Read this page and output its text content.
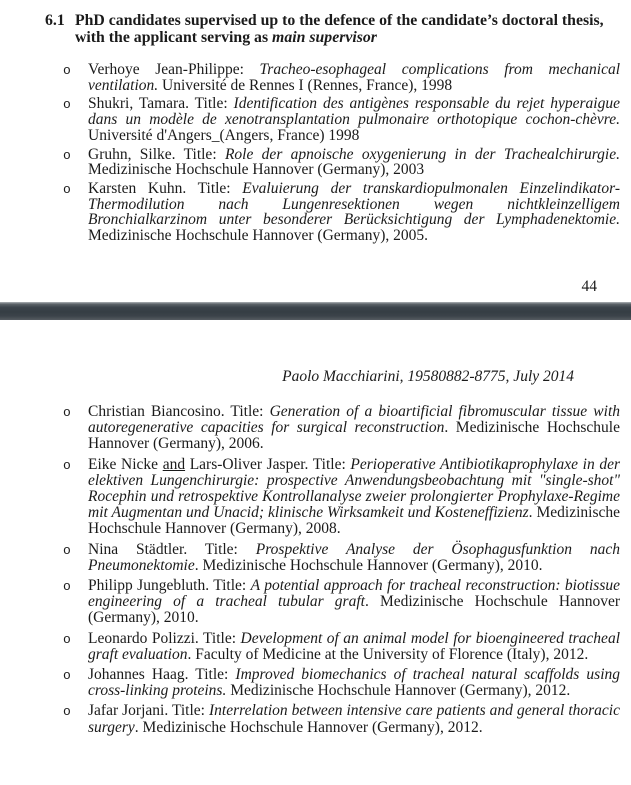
6.1 PhD candidates supervised up to the defence of the candidate’s doctoral thesis,
with the applicant serving as main supervisor
o Verhoye Jean-Philippe: Tracheo-esophageal complications from mechanical ventilation. Université de Rennes I (Rennes, France), 1998
o Shukri, Tamara. Title: Identification des antigènes responsable du rejet hyperaigue dans un modèle de xenotransplantation pulmonaire orthotopique cochon-chèvre. Université d'Angers_(Angers, France) 1998
o Gruhn, Silke. Title: Role der apnoische oxygenierung in der Trachealchirurgie. Medizinische Hochschule Hannover (Germany), 2003
o Karsten Kuhn. Title: Evaluierung der transkardiopulmonalen Einzelindikator-Thermodilution nach Lungenresektionen wegen nichtkleinzelligem Bronchialkarzinom unter besonderer Berücksichtigung der Lymphadenektomie. Medizinische Hochschule Hannover (Germany), 2005.
44
Paolo Macchiarini, 19580882-8775, July 2014
o Christian Biancosino. Title: Generation of a bioartificial fibromuscular tissue with autoregenerative capacities for surgical reconstruction. Medizinische Hochschule Hannover (Germany), 2006.
o Eike Nicke and Lars-Oliver Jasper. Title: Perioperative Antibiotikaprophylaxe in der elektiven Lungenchirurgie: prospective Anwendungsbeobachtung mit "single-shot" Rocephin und retrospektive Kontrollanalyse zweier prolongierter Prophylaxe-Regime mit Augmentan und Unacid; klinische Wirksamkeit und Kosteneffizienz. Medizinische Hochschule Hannover (Germany), 2008.
o Nina Städtler. Title: Prospektive Analyse der Ösophagusfunktion nach Pneumonektomie. Medizinische Hochschule Hannover (Germany), 2010.
o Philipp Jungebluth. Title: A potential approach for tracheal reconstruction: biotissue engineering of a tracheal tubular graft. Medizinische Hochschule Hannover (Germany), 2010.
o Leonardo Polizzi. Title: Development of an animal model for bioengineered tracheal graft evaluation. Faculty of Medicine at the University of Florence (Italy), 2012.
o Johannes Haag. Title: Improved biomechanics of tracheal natural scaffolds using cross-linking proteins. Medizinische Hochschule Hannover (Germany), 2012.
o Jafar Jorjani. Title: Interrelation between intensive care patients and general thoracic surgery. Medizinische Hochschule Hannover (Germany), 2012.
